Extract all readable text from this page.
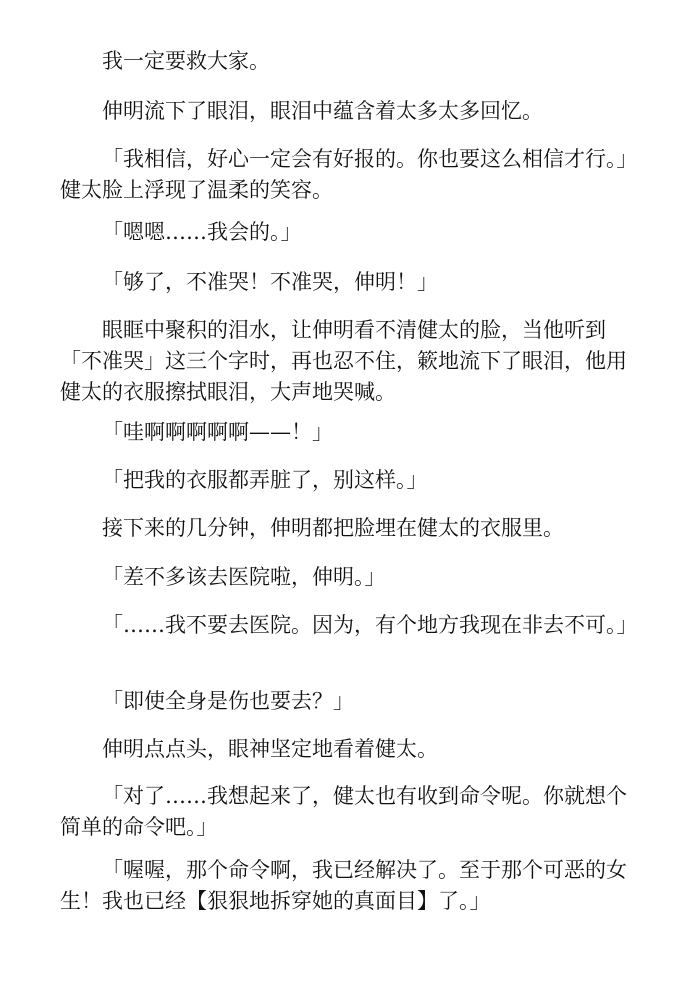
我一定要救大家。

伸明流下了眼泪，眼泪中蕴含着太多太多回忆。

「我相信，好心一定会有好报的。你也要这么相信才行。」健太脸上浮现了温柔的笑容。

「嗯嗯……我会的。」

「够了，不准哭！不准哭，伸明！」

眼眶中聚积的泪水，让伸明看不清健太的脸，当他听到「不准哭」这三个字时，再也忍不住，簌地流下了眼泪，他用健太的衣服擦拭眼泪，大声地哭喊。

「哇啊啊啊啊啊——！」

「把我的衣服都弄脏了，别这样。」

接下来的几分钟，伸明都把脸埋在健太的衣服里。

「差不多该去医院啦，伸明。」

「……我不要去医院。因为，有个地方我现在非去不可。」

「即使全身是伤也要去？」

伸明点点头，眼神坚定地看着健太。

「对了……我想起来了，健太也有收到命令呢。你就想个简单的命令吧。」

「喔喔，那个命令啊，我已经解决了。至于那个可恶的女生！我也已经【狠狠地拆穿她的真面目】了。」
